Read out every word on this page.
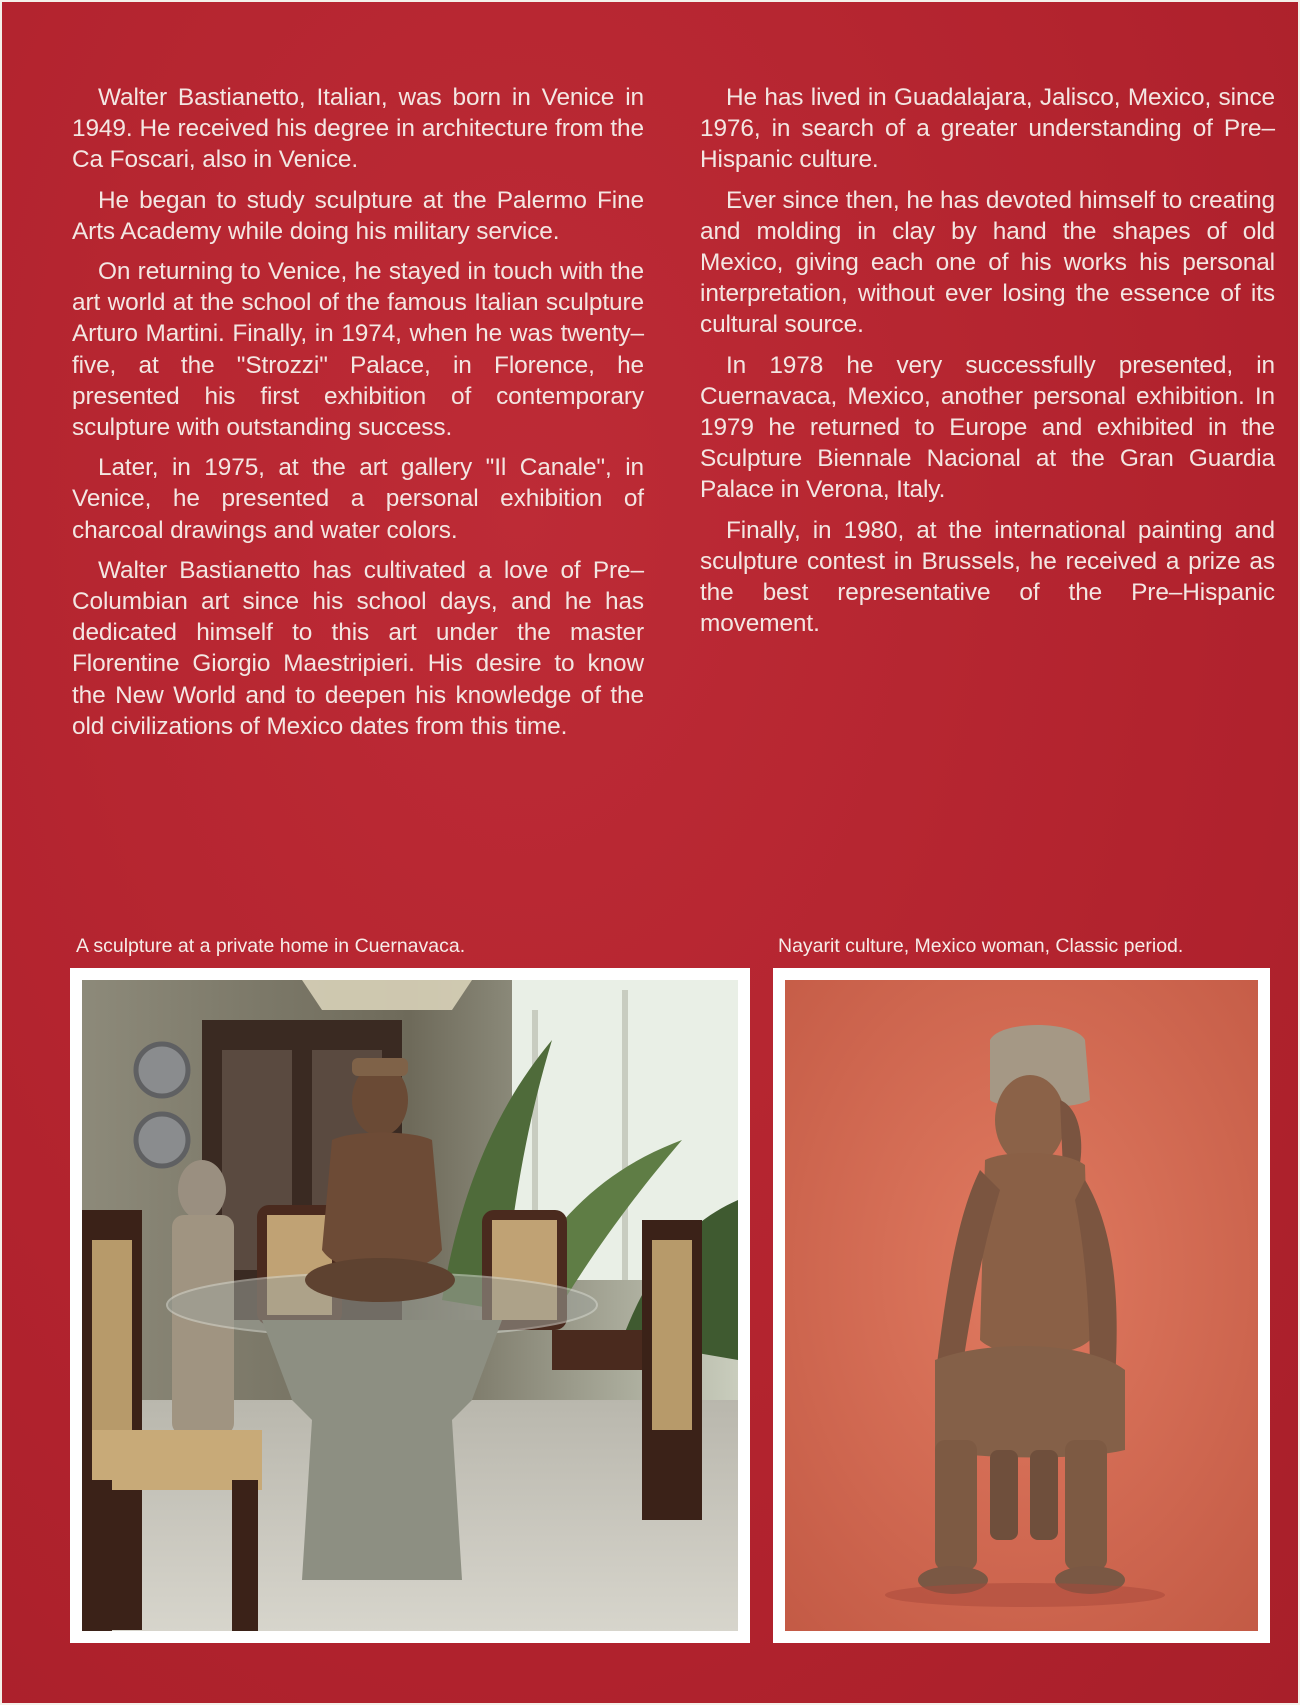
Walter Bastianetto, Italian, was born in Venice in 1949. He received his degree in architecture from the Ca Foscari, also in Venice.

He began to study sculpture at the Palermo Fine Arts Academy while doing his military service.

On returning to Venice, he stayed in touch with the art world at the school of the famous Italian sculpture Arturo Martini. Finally, in 1974, when he was twenty–five, at the "Strozzi" Palace, in Florence, he presented his first exhibition of contemporary sculpture with outstanding success.

Later, in 1975, at the art gallery "Il Canale", in Venice, he presented a personal exhibition of charcoal drawings and water colors.

Walter Bastianetto has cultivated a love of Pre–Columbian art since his school days, and he has dedicated himself to this art under the master Florentine Giorgio Maestripieri. His desire to know the New World and to deepen his knowledge of the old civilizations of Mexico dates from this time.

He has lived in Guadalajara, Jalisco, Mexico, since 1976, in search of a greater understanding of Pre–Hispanic culture.

Ever since then, he has devoted himself to creating and molding in clay by hand the shapes of old Mexico, giving each one of his works his personal interpretation, without ever losing the essence of its cultural source.

In 1978 he very successfully presented, in Cuernavaca, Mexico, another personal exhibition. In 1979 he returned to Europe and exhibited in the Sculpture Biennale Nacional at the Gran Guardia Palace in Verona, Italy.

Finally, in 1980, at the international painting and sculpture contest in Brussels, he received a prize as the best representative of the Pre–Hispanic movement.

A sculpture at a private home in Cuernavaca.	Nayarit culture, Mexico woman, Classic period.
